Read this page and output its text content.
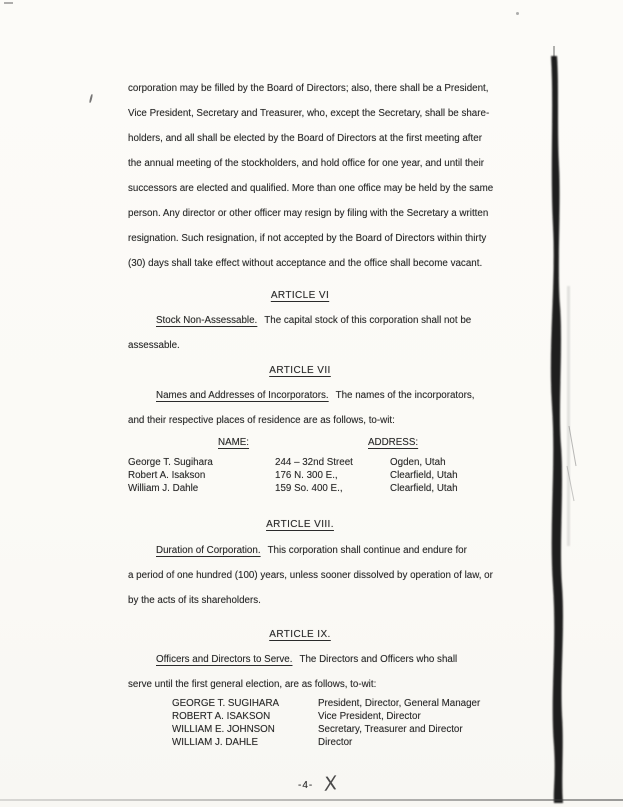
corporation may be filled by the Board of Directors; also, there shall be a President,
Vice President, Secretary and Treasurer, who, except the Secretary, shall be share-
holders, and all shall be elected by the Board of Directors at the first meeting after
the annual meeting of the stockholders, and hold office for one year, and until their
successors are elected and qualified. More than one office may be held by the same
person. Any director or other officer may resign by filing with the Secretary a written
resignation. Such resignation, if not accepted by the Board of Directors within thirty
(30) days shall take effect without acceptance and the office shall become vacant.
ARTICLE VI
Stock Non-Assessable. The capital stock of this corporation shall not be
assessable.
ARTICLE VII
Names and Addresses of Incorporators. The names of the incorporators,
and their respective places of residence are as follows, to-wit:
NAME:	ADDRESS:
George T. Sugihara	244 – 32nd Street	Ogden, Utah
Robert A. Isakson	176 N. 300 E.,	Clearfield, Utah
William J. Dahle	159 So. 400 E.,	Clearfield, Utah
ARTICLE VIII.
Duration of Corporation. This corporation shall continue and endure for
a period of one hundred (100) years, unless sooner dissolved by operation of law, or
by the acts of its shareholders.
ARTICLE IX.
Officers and Directors to Serve. The Directors and Officers who shall
serve until the first general election, are as follows, to-wit:
GEORGE T. SUGIHARA	President, Director, General Manager
ROBERT A. ISAKSON	Vice President, Director
WILLIAM E. JOHNSON	Secretary, Treasurer and Director
WILLIAM J. DAHLE	Director
-4- X
